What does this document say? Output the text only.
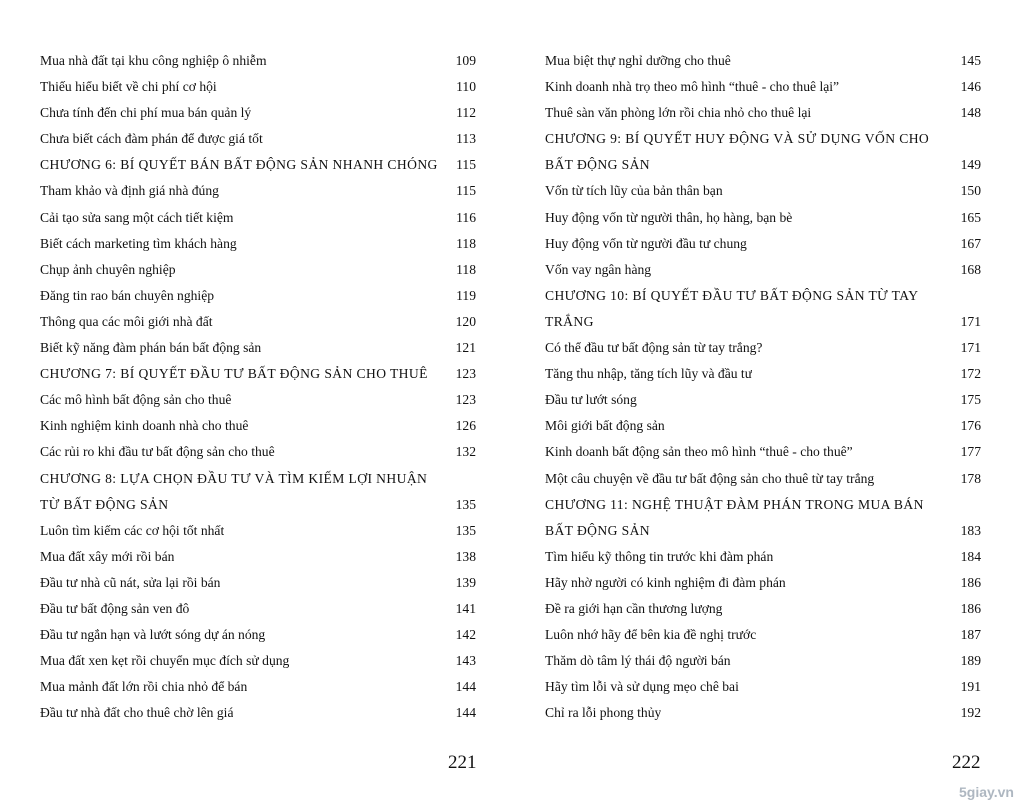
Mua nhà đất tại khu công nghiệp ô nhiễm	109
Thiếu hiểu biết về chi phí cơ hội	110
Chưa tính đến chi phí mua bán quản lý	112
Chưa biết cách đàm phán để được giá tốt	113
CHƯƠNG 6: BÍ QUYẾT BÁN BẤT ĐỘNG SẢN NHANH CHÓNG	115
Tham khảo và định giá nhà đúng	115
Cải tạo sửa sang một cách tiết kiệm	116
Biết cách marketing tìm khách hàng	118
Chụp ảnh chuyên nghiệp	118
Đăng tin rao bán chuyên nghiệp	119
Thông qua các môi giới nhà đất	120
Biết kỹ năng đàm phán bán bất động sản	121
CHƯƠNG 7: BÍ QUYẾT ĐẦU TƯ BẤT ĐỘNG SẢN CHO THUÊ	123
Các mô hình bất động sản cho thuê	123
Kinh nghiệm kinh doanh nhà cho thuê	126
Các rủi ro khi đầu tư bất động sản cho thuê	132
CHƯƠNG 8: LỰA CHỌN ĐẦU TƯ VÀ TÌM KIẾM LỢI NHUẬN
TỪ BẤT ĐỘNG SẢN	135
Luôn tìm kiếm các cơ hội tốt nhất	135
Mua đất xây mới rồi bán	138
Đầu tư nhà cũ nát, sửa lại rồi bán	139
Đầu tư bất động sản ven đô	141
Đầu tư ngắn hạn và lướt sóng dự án nóng	142
Mua đất xen kẹt rồi chuyển mục đích sử dụng	143
Mua mảnh đất lớn rồi chia nhỏ để bán	144
Đầu tư nhà đất cho thuê chờ lên giá	144
Mua biệt thự nghỉ dưỡng cho thuê	145
Kinh doanh nhà trọ theo mô hình “thuê - cho thuê lại”	146
Thuê sàn văn phòng lớn rồi chia nhỏ cho thuê lại	148
CHƯƠNG 9: BÍ QUYẾT HUY ĐỘNG VÀ SỬ DỤNG VỐN CHO
BẤT ĐỘNG SẢN	149
Vốn từ tích lũy của bản thân bạn	150
Huy động vốn từ người thân, họ hàng, bạn bè	165
Huy động vốn từ người đầu tư chung	167
Vốn vay ngân hàng	168
CHƯƠNG 10: BÍ QUYẾT ĐẦU TƯ BẤT ĐỘNG SẢN TỪ TAY
TRẮNG	171
Có thể đầu tư bất động sản từ tay trắng?	171
Tăng thu nhập, tăng tích lũy và đầu tư	172
Đầu tư lướt sóng	175
Môi giới bất động sản	176
Kinh doanh bất động sản theo mô hình “thuê - cho thuê”	177
Một câu chuyện về đầu tư bất động sản cho thuê từ tay trắng	178
CHƯƠNG 11: NGHỆ THUẬT ĐÀM PHÁN TRONG MUA BÁN
BẤT ĐỘNG SẢN	183
Tìm hiểu kỹ thông tin trước khi đàm phán	184
Hãy nhờ người có kinh nghiệm đi đàm phán	186
Đề ra giới hạn cần thương lượng	186
Luôn nhớ hãy để bên kia đề nghị trước	187
Thăm dò tâm lý thái độ người bán	189
Hãy tìm lỗi và sử dụng mẹo chê bai	191
Chỉ ra lỗi phong thủy	192
221	222
5giay.vn
